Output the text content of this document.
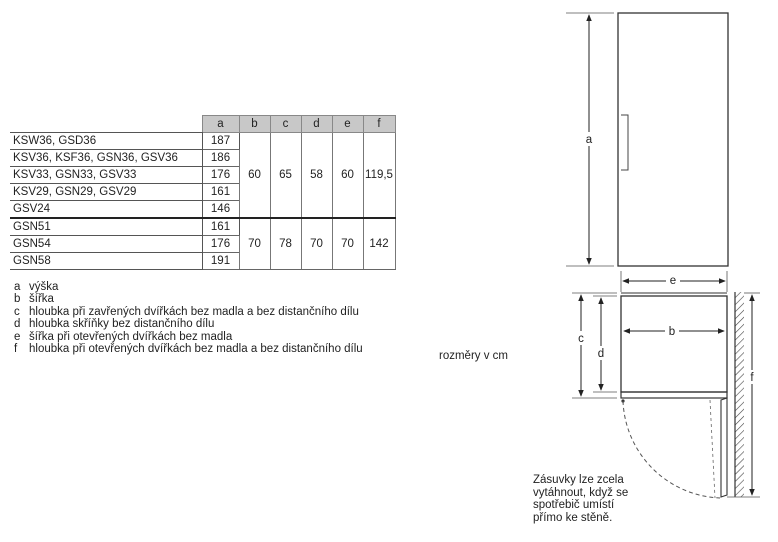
	a	b	c	d	e	f
KSW36, GSD36	187	60	65	58	60	119,5
KSV36, KSF36, GSN36, GSV36	186					
KSV33, GSN33, GSV33	176					
KSV29, GSN29, GSV29	161					
GSV24	146					
GSN51	161	70	78	70	70	142
GSN54	176					
GSN58	191					
a výška
b šířka
c hloubka při zavřených dvířkách bez madla a bez distančního dílu
d hloubka skříňky bez distančního dílu
e šířka při otevřených dvířkách bez madla
f	hloubka při otevřených dvířkách bez madla a bez distančního dílu
rozměry v cm
Zásuvky lze zcela
vytáhnout, když se
spotřebič umístí
přímo ke stěně.
a
e
b
c
d
f
